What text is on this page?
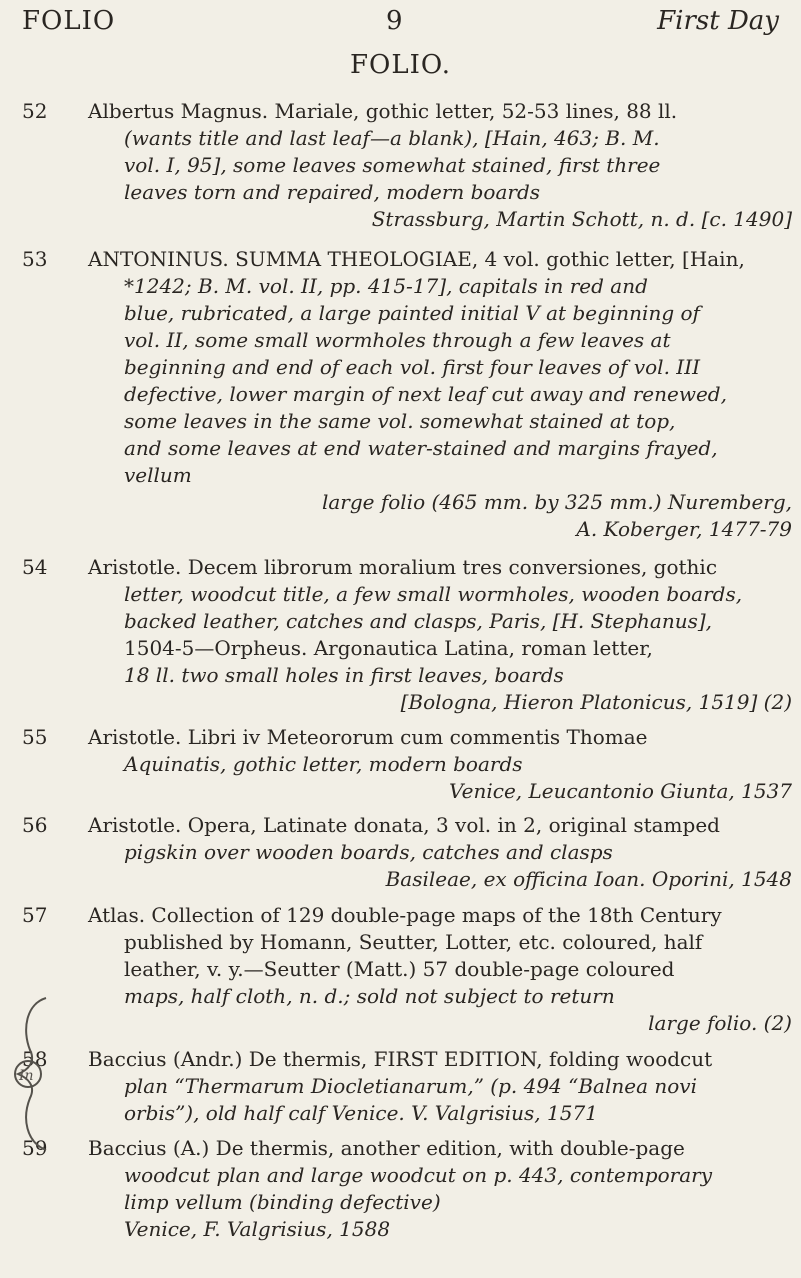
FOLIO	9	First Day
FOLIO.
52	Albertus Magnus. Mariale, gothic letter, 52-53 lines, 88 ll.

(wants title and last leaf—a blank), [Hain, 463; B. M.

vol. I, 95], some leaves somewhat stained, first three

leaves torn and repaired, modern boards

Strassburg, Martin Schott, n. d. [c. 1490]

53	ANTONINUS. SUMMA THEOLOGIAE, 4 vol. gothic letter, [Hain,

*1242; B. M. vol. II, pp. 415-17], capitals in red and

blue, rubricated, a large painted initial V at beginning of

vol. II, some small wormholes through a few leaves at

beginning and end of each vol. first four leaves of vol. III

defective, lower margin of next leaf cut away and renewed,

some leaves in the same vol. somewhat stained at top,

and some leaves at end water-stained and margins frayed,

vellum

large folio (465 mm. by 325 mm.) Nuremberg,

A. Koberger, 1477-79

54	Aristotle. Decem librorum moralium tres conversiones, gothic

letter, woodcut title, a few small wormholes, wooden boards,

backed leather, catches and clasps, Paris, [H. Stephanus],

1504-5—Orpheus. Argonautica Latina, roman letter,

18 ll. two small holes in first leaves, boards

[Bologna, Hieron Platonicus, 1519] (2)

55	Aristotle. Libri iv Meteororum cum commentis Thomae

Aquinatis, gothic letter, modern boards

Venice, Leucantonio Giunta, 1537

56	Aristotle. Opera, Latinate donata, 3 vol. in 2, original stamped

pigskin over wooden boards, catches and clasps

Basileae, ex officina Ioan. Oporini, 1548

57	Atlas. Collection of 129 double-page maps of the 18th Century

published by Homann, Seutter, Lotter, etc. coloured, half

leather, v. y.—Seutter (Matt.) 57 double-page coloured

maps, half cloth, n. d.; sold not subject to return

large folio. (2)

58	Baccius (Andr.) De thermis, FIRST EDITION, folding woodcut

plan “Thermarum Diocletianarum,” (p. 494 “Balnea novi

orbis”), old half calf Venice. V. Valgrisius, 1571

59	Baccius (A.) De thermis, another edition, with double-page

woodcut plan and large woodcut on p. 443, contemporary

limp vellum (binding defective)

Venice, F. Valgrisius, 1588

In
